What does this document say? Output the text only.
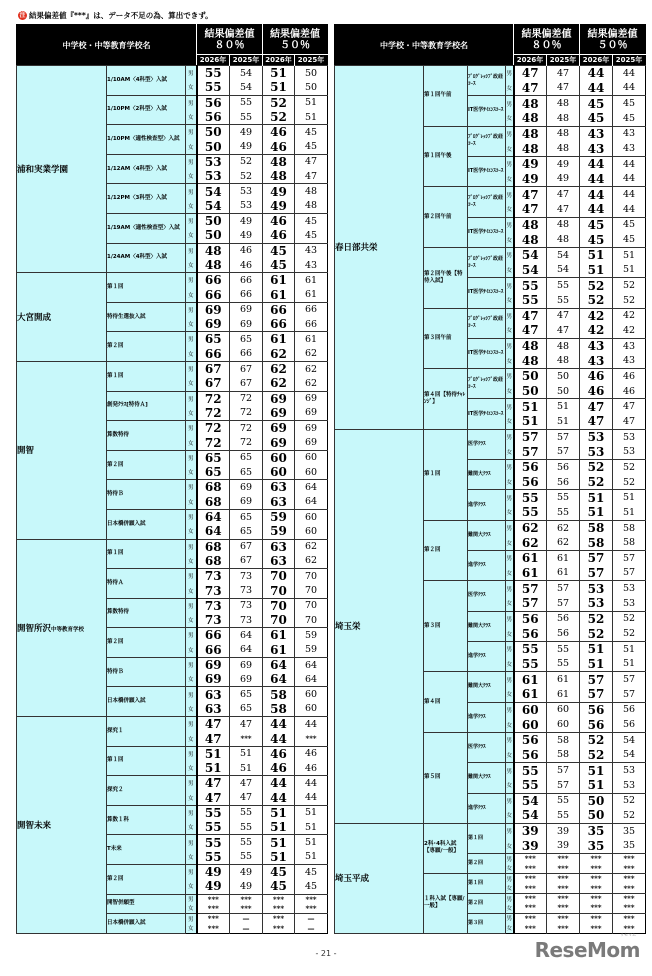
注 結果偏差値『***』は、データ不足の為、算出できず。
中学校・中等教育学校名	
結果偏差値
８０％

結果偏差値
５０％

			2026年	2025年	2026年	2025年
浦和実業学園	1/10AM〈4科型〉入試	男	55	54	51	50
		女	55	54	51	50
	1/10PM〈2科型〉入試	男	56	55	52	51
		女	56	55	52	51
	1/10PM〈適性検査型〉入試	男	50	49	46	45
		女	50	49	46	45
	1/12AM〈4科型〉入試	男	53	52	48	47
		女	53	52	48	47
	1/12PM〈3科型〉入試	男	54	53	49	48
		女	54	53	49	48
	1/19AM〈適性検査型〉入試	男	50	49	46	45
		女	50	49	46	45
	1/24AM〈4科型〉入試	男	48	46	45	43
		女	48	46	45	43
大宮開成	第１回	男	66	66	61	61
		女	66	66	61	61
	特待生選抜入試	男	69	69	66	66
		女	69	69	66	66
	第２回	男	65	65	61	61
		女	66	66	62	62
開智	第１回	男	67	67	62	62
		女	67	67	62	62
	創発ｸﾗｽ[特待Ａ]	男	72	72	69	69
		女	72	72	69	69
	算数特待	男	72	72	69	69
		女	72	72	69	69
	第２回	男	65	65	60	60
		女	65	65	60	60
	特待Ｂ	男	68	69	63	64
		女	68	69	63	64
	日本橋併願入試	男	64	65	59	60
		女	64	65	59	60
開智所沢中等教育学校	第１回	男	68	67	63	62
		女	68	67	63	62
	特待Ａ	男	73	73	70	70
		女	73	73	70	70
	算数特待	男	73	73	70	70
		女	73	73	70	70
	第２回	男	66	64	61	59
		女	66	64	61	59
	特待Ｂ	男	69	69	64	64
		女	69	69	64	64
	日本橋併願入試	男	63	65	58	60
		女	63	65	58	60
開智未来	探究１	男	47	47	44	44
		女	47	***	44	***
	第１回	男	51	51	46	46
		女	51	51	46	46
	探究２	男	47	47	44	44
		女	47	47	44	44
	算数１科	男	55	55	51	51
		女	55	55	51	51
	T未来	男	55	55	51	51
		女	55	55	51	51
	第２回	男	49	49	45	45
		女	49	49	45	45
	開智併願型	男	***	***	***	***
		女	***	***	***	***
	日本橋併願入試	男	***	—	***	—
		女	***	—	***	—
中学校・中等教育学校名	
結果偏差値
８０％

結果偏差値
５０％

				2026年	2025年	2026年	2025年
春日部共栄	第１回午前	ﾌﾟﾛｸﾞﾚｯｼﾌﾞ政経ｺｰｽ	男	47	47	44	44
			女	47	47	44	44
		IT医学ｻｲｴﾝｽｺｰｽ	男	48	48	45	45
			女	48	48	45	45
	第１回午後	ﾌﾟﾛｸﾞﾚｯｼﾌﾞ政経ｺｰｽ	男	48	48	43	43
			女	48	48	43	43
		IT医学ｻｲｴﾝｽｺｰｽ	男	49	49	44	44
			女	49	49	44	44
	第２回午前	ﾌﾟﾛｸﾞﾚｯｼﾌﾞ政経ｺｰｽ	男	47	47	44	44
			女	47	47	44	44
		IT医学ｻｲｴﾝｽｺｰｽ	男	48	48	45	45
			女	48	48	45	45
	第２回午後【特待入試】	ﾌﾟﾛｸﾞﾚｯｼﾌﾞ政経ｺｰｽ	男	54	54	51	51
			女	54	54	51	51
		IT医学ｻｲｴﾝｽｺｰｽ	男	55	55	52	52
			女	55	55	52	52
	第３回午前	ﾌﾟﾛｸﾞﾚｯｼﾌﾞ政経ｺｰｽ	男	47	47	42	42
			女	47	47	42	42
		IT医学ｻｲｴﾝｽｺｰｽ	男	48	48	43	43
			女	48	48	43	43
	第４回【特待ﾁｬﾚﾝｼﾞ】	ﾌﾟﾛｸﾞﾚｯｼﾌﾞ政経ｺｰｽ	男	50	50	46	46
			女	50	50	46	46
		IT医学ｻｲｴﾝｽｺｰｽ	男	51	51	47	47
			女	51	51	47	47
埼玉栄	第１回	医学ｸﾗｽ	男	57	57	53	53
			女	57	57	53	53
		難関大ｸﾗｽ	男	56	56	52	52
			女	56	56	52	52
		進学ｸﾗｽ	男	55	55	51	51
			女	55	55	51	51
	第２回	難関大ｸﾗｽ	男	62	62	58	58
			女	62	62	58	58
		進学ｸﾗｽ	男	61	61	57	57
			女	61	61	57	57
	第３回	医学ｸﾗｽ	男	57	57	53	53
			女	57	57	53	53
		難関大ｸﾗｽ	男	56	56	52	52
			女	56	56	52	52
		進学ｸﾗｽ	男	55	55	51	51
			女	55	55	51	51
	第４回	難関大ｸﾗｽ	男	61	61	57	57
			女	61	61	57	57
		進学ｸﾗｽ	男	60	60	56	56
			女	60	60	56	56
	第５回	医学ｸﾗｽ	男	56	58	52	54
			女	56	58	52	54
		難関大ｸﾗｽ	男	55	57	51	53
			女	55	57	51	53
		進学ｸﾗｽ	男	54	55	50	52
			女	54	55	50	52
埼玉平成	2科･4科入試【専願/一般】	第１回	男	39	39	35	35
			女	39	39	35	35
		第２回	男	***	***	***	***
			女	***	***	***	***
	１科入試【専願/一般】	第１回	男	***	***	***	***
			女	***	***	***	***
		第２回	男	***	***	***	***
			女	***	***	***	***
		第３回	男	***	***	***	***
			女	***	***	***	***
- 21 -
リセマム
ReseMom
